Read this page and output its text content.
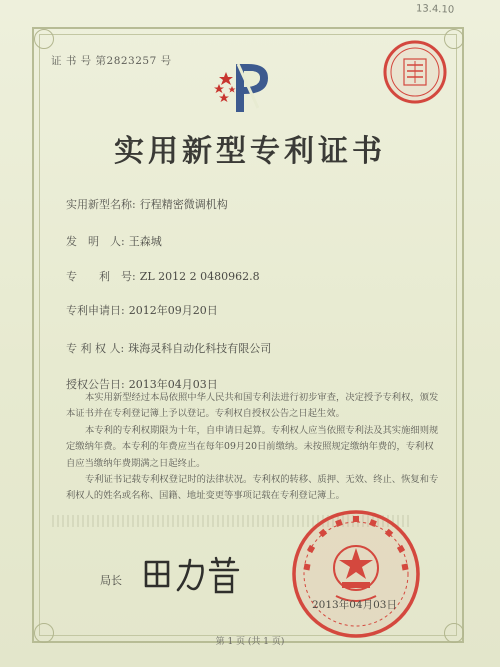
13.4.10
证 书 号 第2823257 号
实用新型专利证书
实用新型名称: 行程精密微调机构
发　明　人: 王森城
专　　利　号: ZL 2012 2 0480962.8
专利申请日: 2012年09月20日
专 利 权 人: 珠海灵科自动化科技有限公司
授权公告日: 2013年04月03日

本实用新型经过本局依照中华人民共和国专利法进行初步审查，决定授予专利权，颁发本证书并在专利登记簿上予以登记。专利权自授权公告之日起生效。

本专利的专利权期限为十年，自申请日起算。专利权人应当依照专利法及其实施细则规定缴纳年费。本专利的年费应当在每年09月20日前缴纳。未按照规定缴纳年费的，专利权自应当缴纳年费期满之日起终止。

专利证书记载专利权登记时的法律状况。专利权的转移、质押、无效、终止、恢复和专利权人的姓名或名称、国籍、地址变更等事项记载在专利登记簿上。

局长
2013年04月03日
第 1 页 (共 1 页)
